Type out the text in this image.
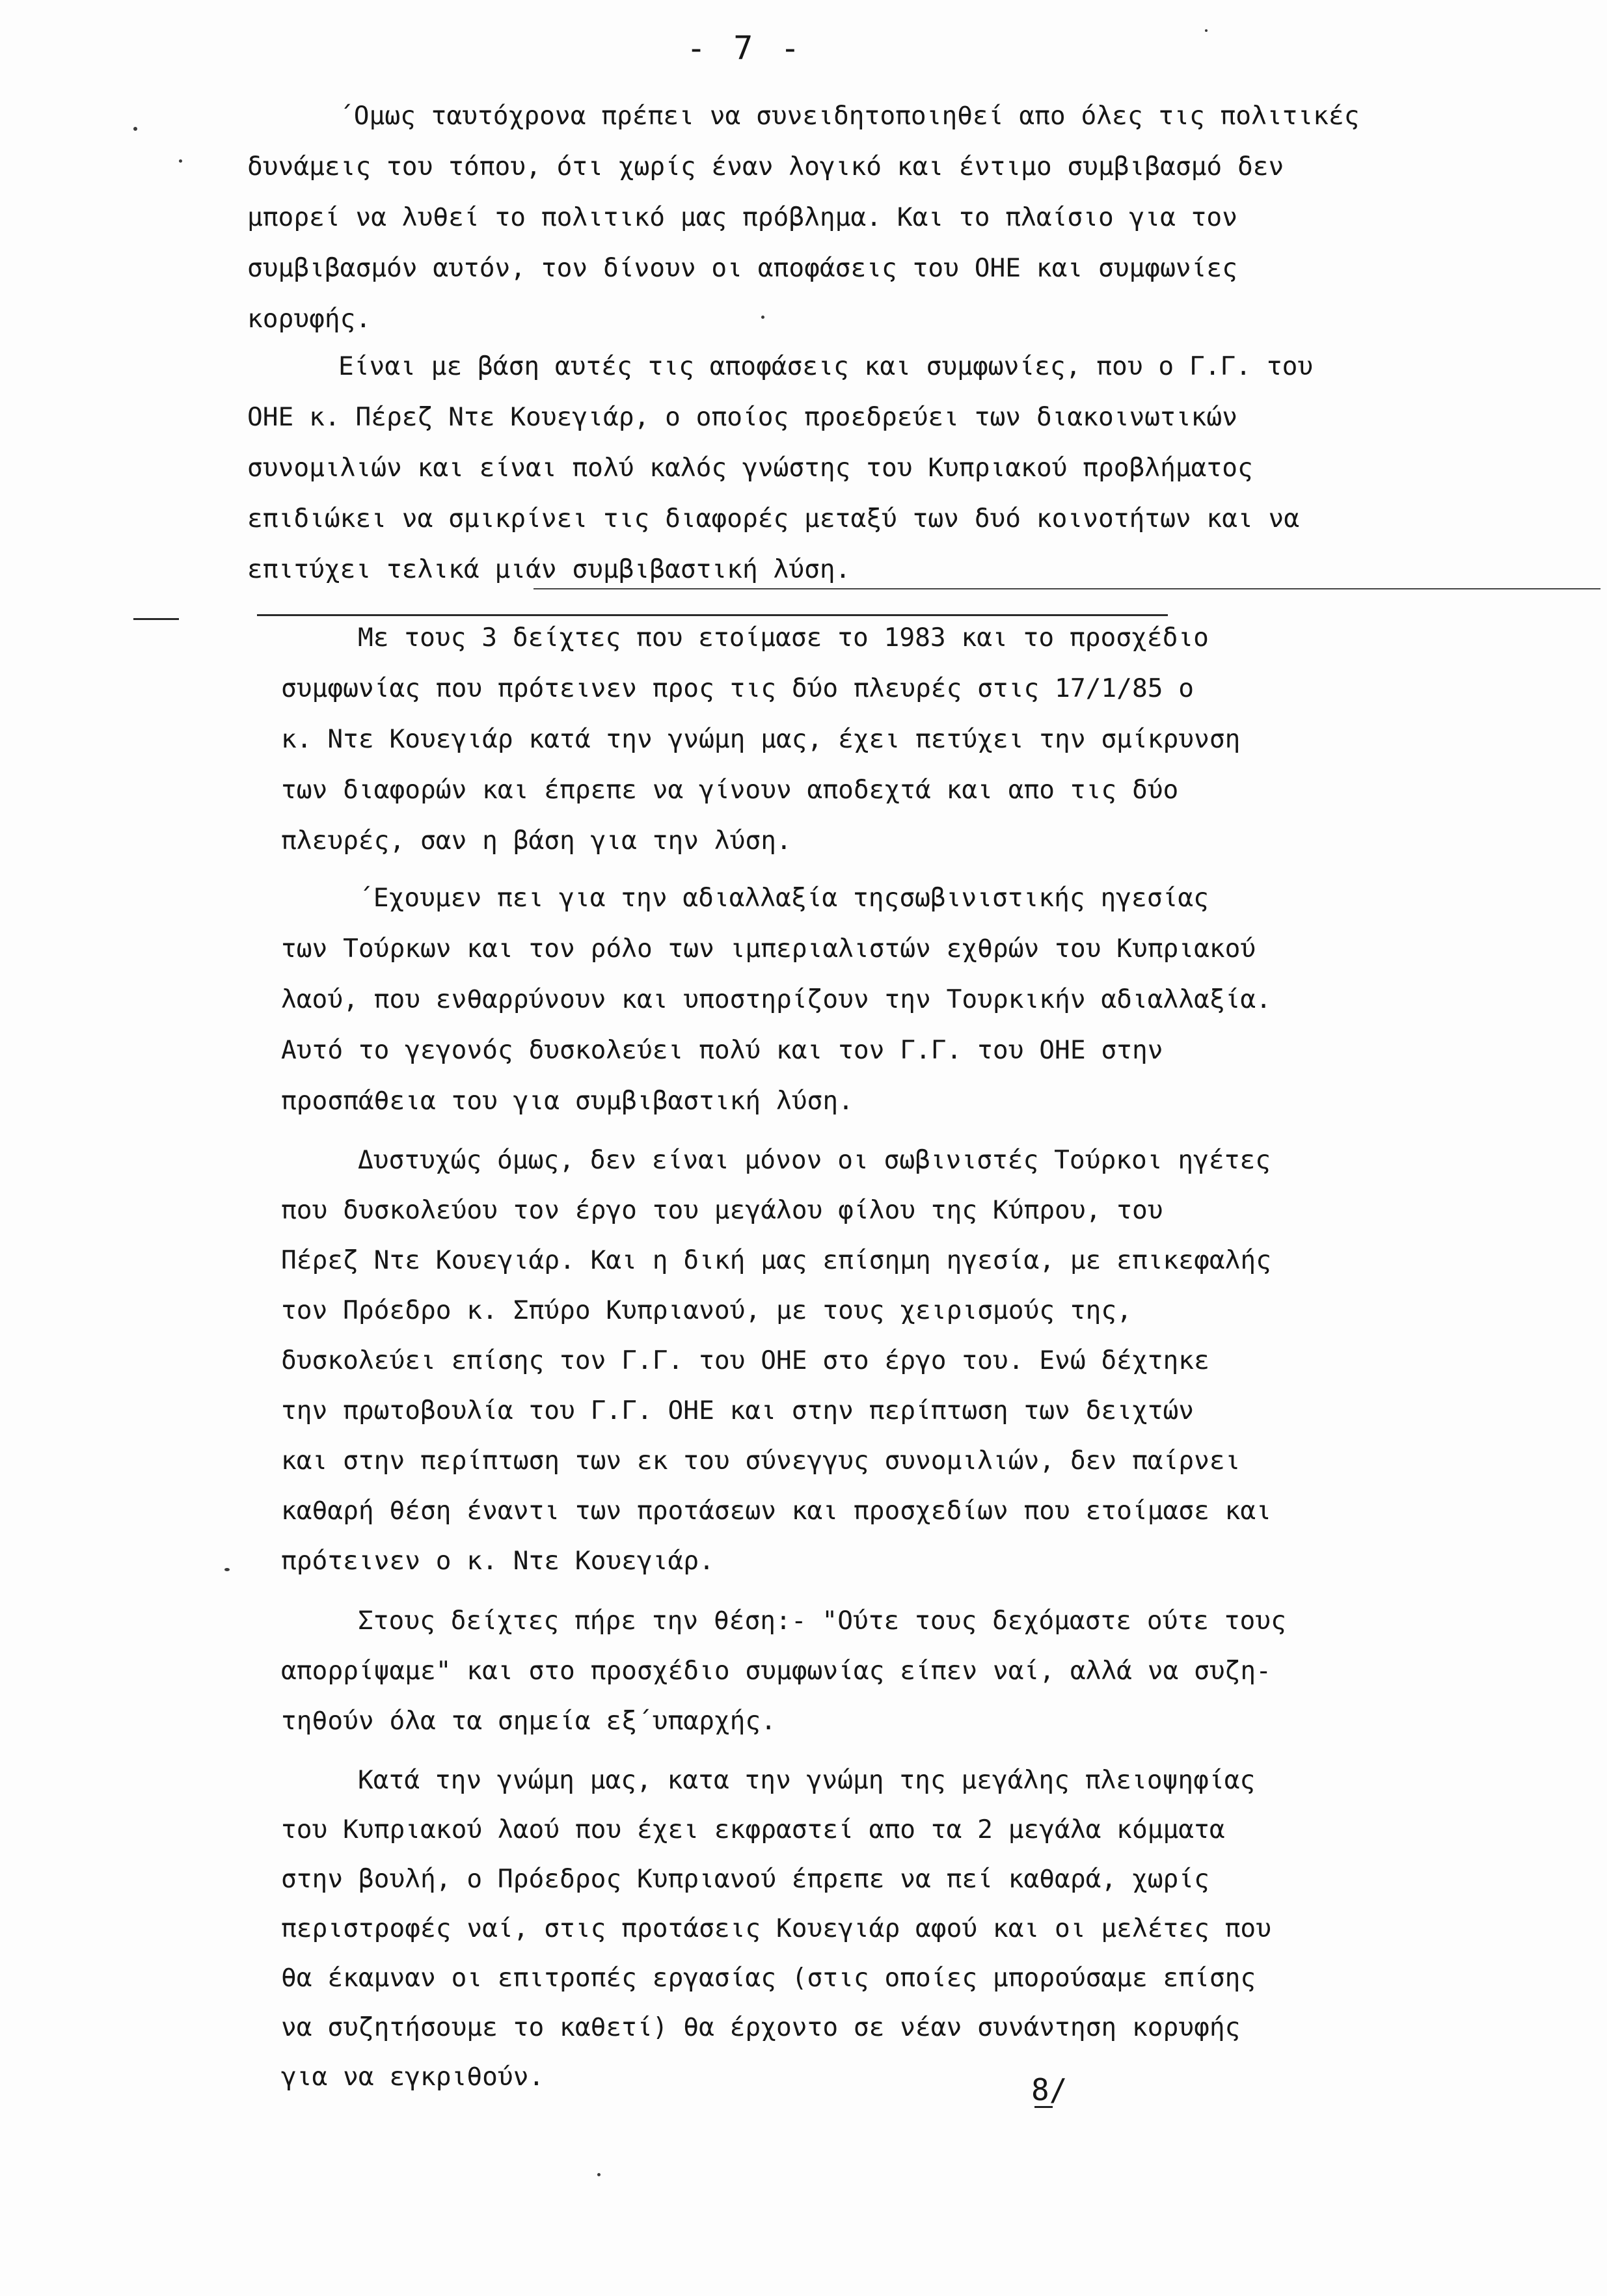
- 7 -
΄Ομως ταυτόχρονα πρέπει να συνειδητοποιηθεί απο όλες τις πολιτικές
δυνάμεις του τόπου, ότι χωρίς έναν λογικό και έντιμο συμβιβασμό δεν
μπορεί να λυθεί το πολιτικό μας πρόβλημα. Και το πλαίσιο για τον
συμβιβασμόν αυτόν, τον δίνουν οι αποφάσεις του ΟΗΕ και συμφωνίες
κορυφής.
Είναι με βάση αυτές τις αποφάσεις και συμφωνίες, που ο Γ.Γ. του
ΟΗΕ κ. Πέρεζ Ντε Κουεγιάρ, ο οποίος προεδρεύει των διακοινωτικών
συνομιλιών και είναι πολύ καλός γνώστης του Κυπριακού προβλήματος
επιδιώκει να σμικρίνει τις διαφορές μεταξύ των δυό κοινοτήτων και να
επιτύχει τελικά μιάν συμβιβαστική λύση.
Με τους 3 δείχτες που ετοίμασε το 1983 και το προσχέδιο
συμφωνίας που πρότεινεν προς τις δύο πλευρές στις 17/1/85 ο
κ. Ντε Κουεγιάρ κατά την γνώμη μας, έχει πετύχει την σμίκρυνση
των διαφορών και έπρεπε να γίνουν αποδεχτά και απο τις δύο
πλευρές, σαν η βάση για την λύση.
΄Εχουμεν πει για την αδιαλλαξία τηςσωβινιστικής ηγεσίας
των Τούρκων και τον ρόλο των ιμπεριαλιστών εχθρών του Κυπριακού
λαού, που ενθαρρύνουν και υποστηρίζουν την Τουρκικήν αδιαλλαξία.
Αυτό το γεγονός δυσκολεύει πολύ και τον Γ.Γ. του ΟΗΕ στην
προσπάθεια του για συμβιβαστική λύση.
Δυστυχώς όμως, δεν είναι μόνον οι σωβινιστές Τούρκοι ηγέτες
που δυσκολεύου τον έργο του μεγάλου φίλου της Κύπρου, του
Πέρεζ Ντε Κουεγιάρ. Και η δική μας επίσημη ηγεσία, με επικεφαλής
τον Πρόεδρο κ. Σπύρο Κυπριανού, με τους χειρισμούς της,
δυσκολεύει επίσης τον Γ.Γ. του ΟΗΕ στο έργο του. Ενώ δέχτηκε
την πρωτοβουλία του Γ.Γ. ΟΗΕ και στην περίπτωση των δειχτών
και στην περίπτωση των εκ του σύνεγγυς συνομιλιών, δεν παίρνει
καθαρή θέση έναντι των προτάσεων και προσχεδίων που ετοίμασε και
πρότεινεν ο κ. Ντε Κουεγιάρ.
Στους δείχτες πήρε την θέση:- "Ούτε τους δεχόμαστε ούτε τους
απορρίψαμε" και στο προσχέδιο συμφωνίας είπεν ναί, αλλά να συζη-
τηθούν όλα τα σημεία εξ΄υπαρχής.
Κατά την γνώμη μας, κατα την γνώμη της μεγάλης πλειοψηφίας
του Κυπριακού λαού που έχει εκφραστεί απο τα 2 μεγάλα κόμματα
στην βουλή, ο Πρόεδρος Κυπριανού έπρεπε να πεί καθαρά, χωρίς
περιστροφές ναί, στις προτάσεις Κουεγιάρ αφού και οι μελέτες που
θα έκαμναν οι επιτροπές εργασίας (στις οποίες μπορούσαμε επίσης
να συζητήσουμε το καθετί) θα έρχοντο σε νέαν συνάντηση κορυφής
για να εγκριθούν.	8/
